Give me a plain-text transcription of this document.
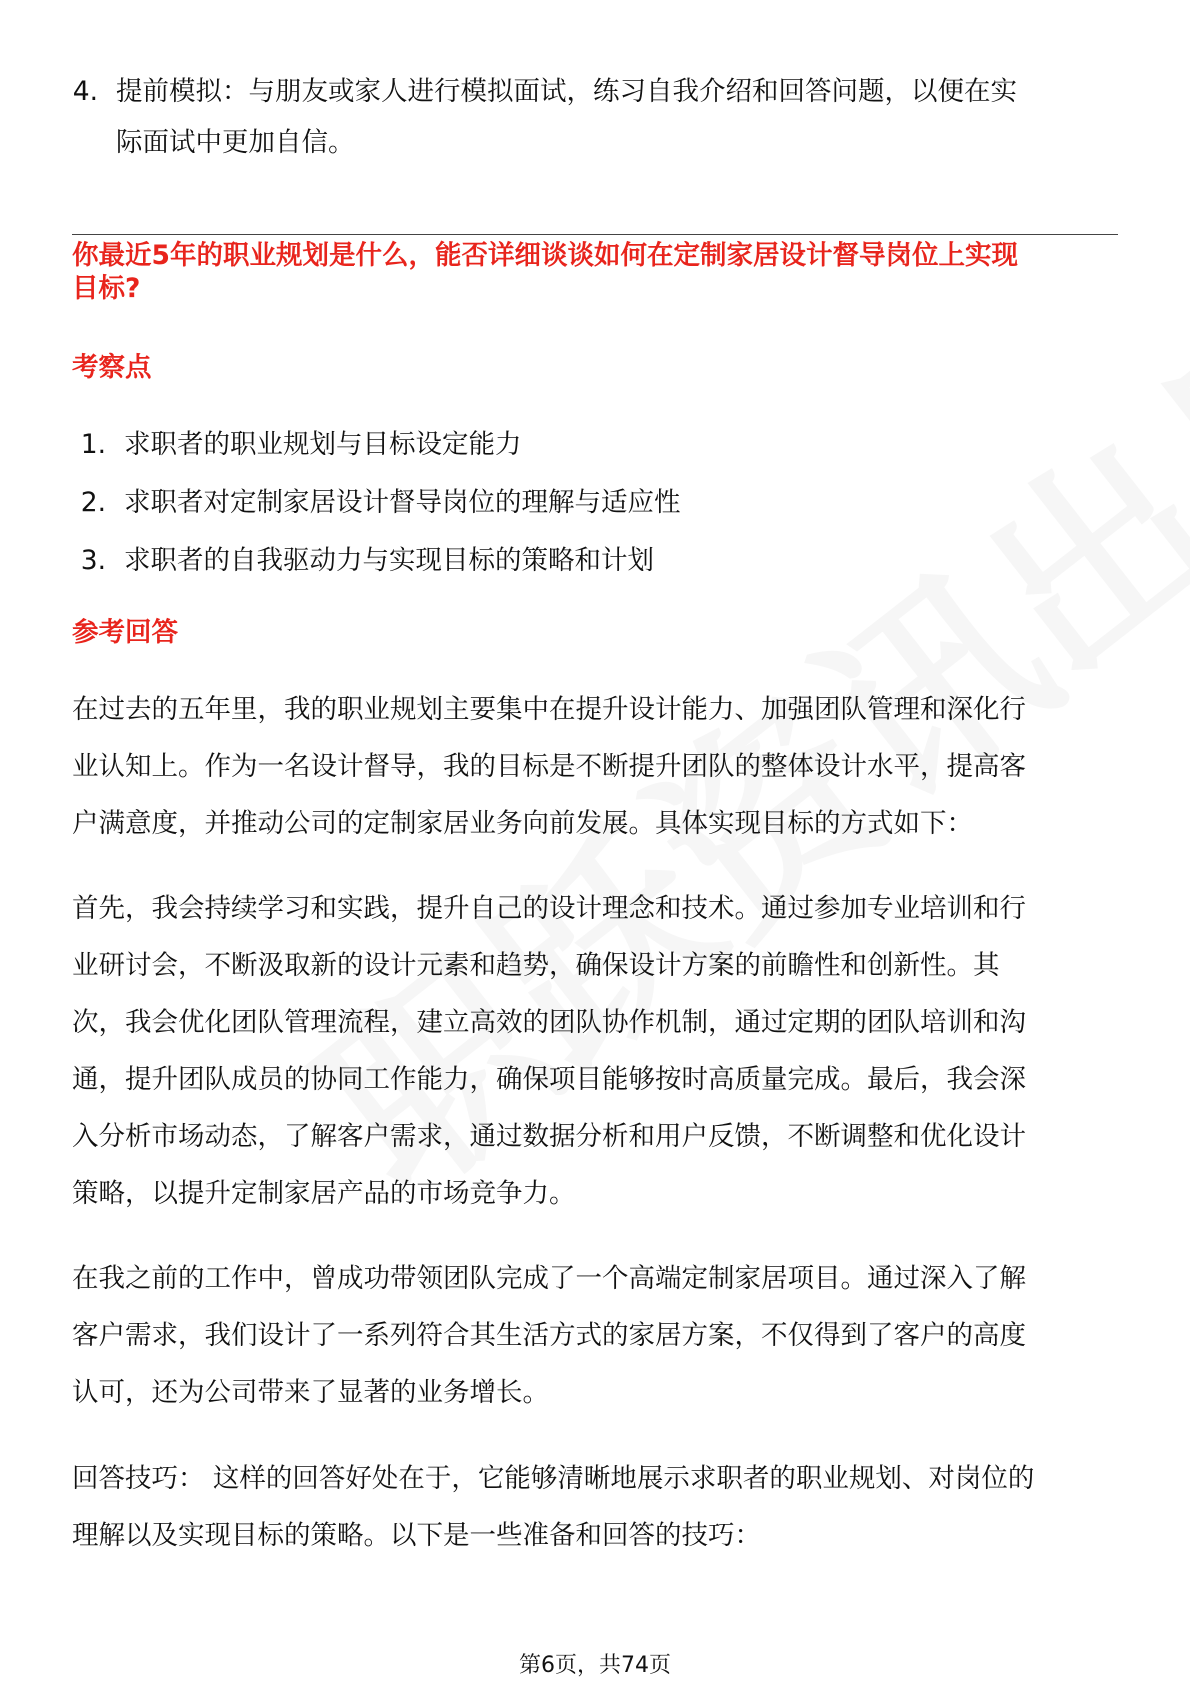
4. 提前模拟：与朋友或家人进行模拟面试，练习自我介绍和回答问题，以便在实
际面试中更加自信。
你最近5年的职业规划是什么，能否详细谈谈如何在定制家居设计督导岗位上实现
目标?
考察点
1. 求职者的职业规划与目标设定能力
2. 求职者对定制家居设计督导岗位的理解与适应性
3. 求职者的自我驱动力与实现目标的策略和计划
参考回答
在过去的五年里，我的职业规划主要集中在提升设计能力、加强团队管理和深化行
业认知上。作为一名设计督导，我的目标是不断提升团队的整体设计水平，提高客
户满意度，并推动公司的定制家居业务向前发展。具体实现目标的方式如下：
首先，我会持续学习和实践，提升自己的设计理念和技术。通过参加专业培训和行
业研讨会，不断汲取新的设计元素和趋势，确保设计方案的前瞻性和创新性。其
次，我会优化团队管理流程，建立高效的团队协作机制，通过定期的团队培训和沟
通，提升团队成员的协同工作能力，确保项目能够按时高质量完成。最后，我会深
入分析市场动态，了解客户需求，通过数据分析和用户反馈，不断调整和优化设计
策略，以提升定制家居产品的市场竞争力。
在我之前的工作中，曾成功带领团队完成了一个高端定制家居项目。通过深入了解
客户需求，我们设计了一系列符合其生活方式的家居方案，不仅得到了客户的高度
认可，还为公司带来了显著的业务增长。
回答技巧： 这样的回答好处在于，它能够清晰地展示求职者的职业规划、对岗位的
理解以及实现目标的策略。以下是一些准备和回答的技巧：
第6页，共74页
